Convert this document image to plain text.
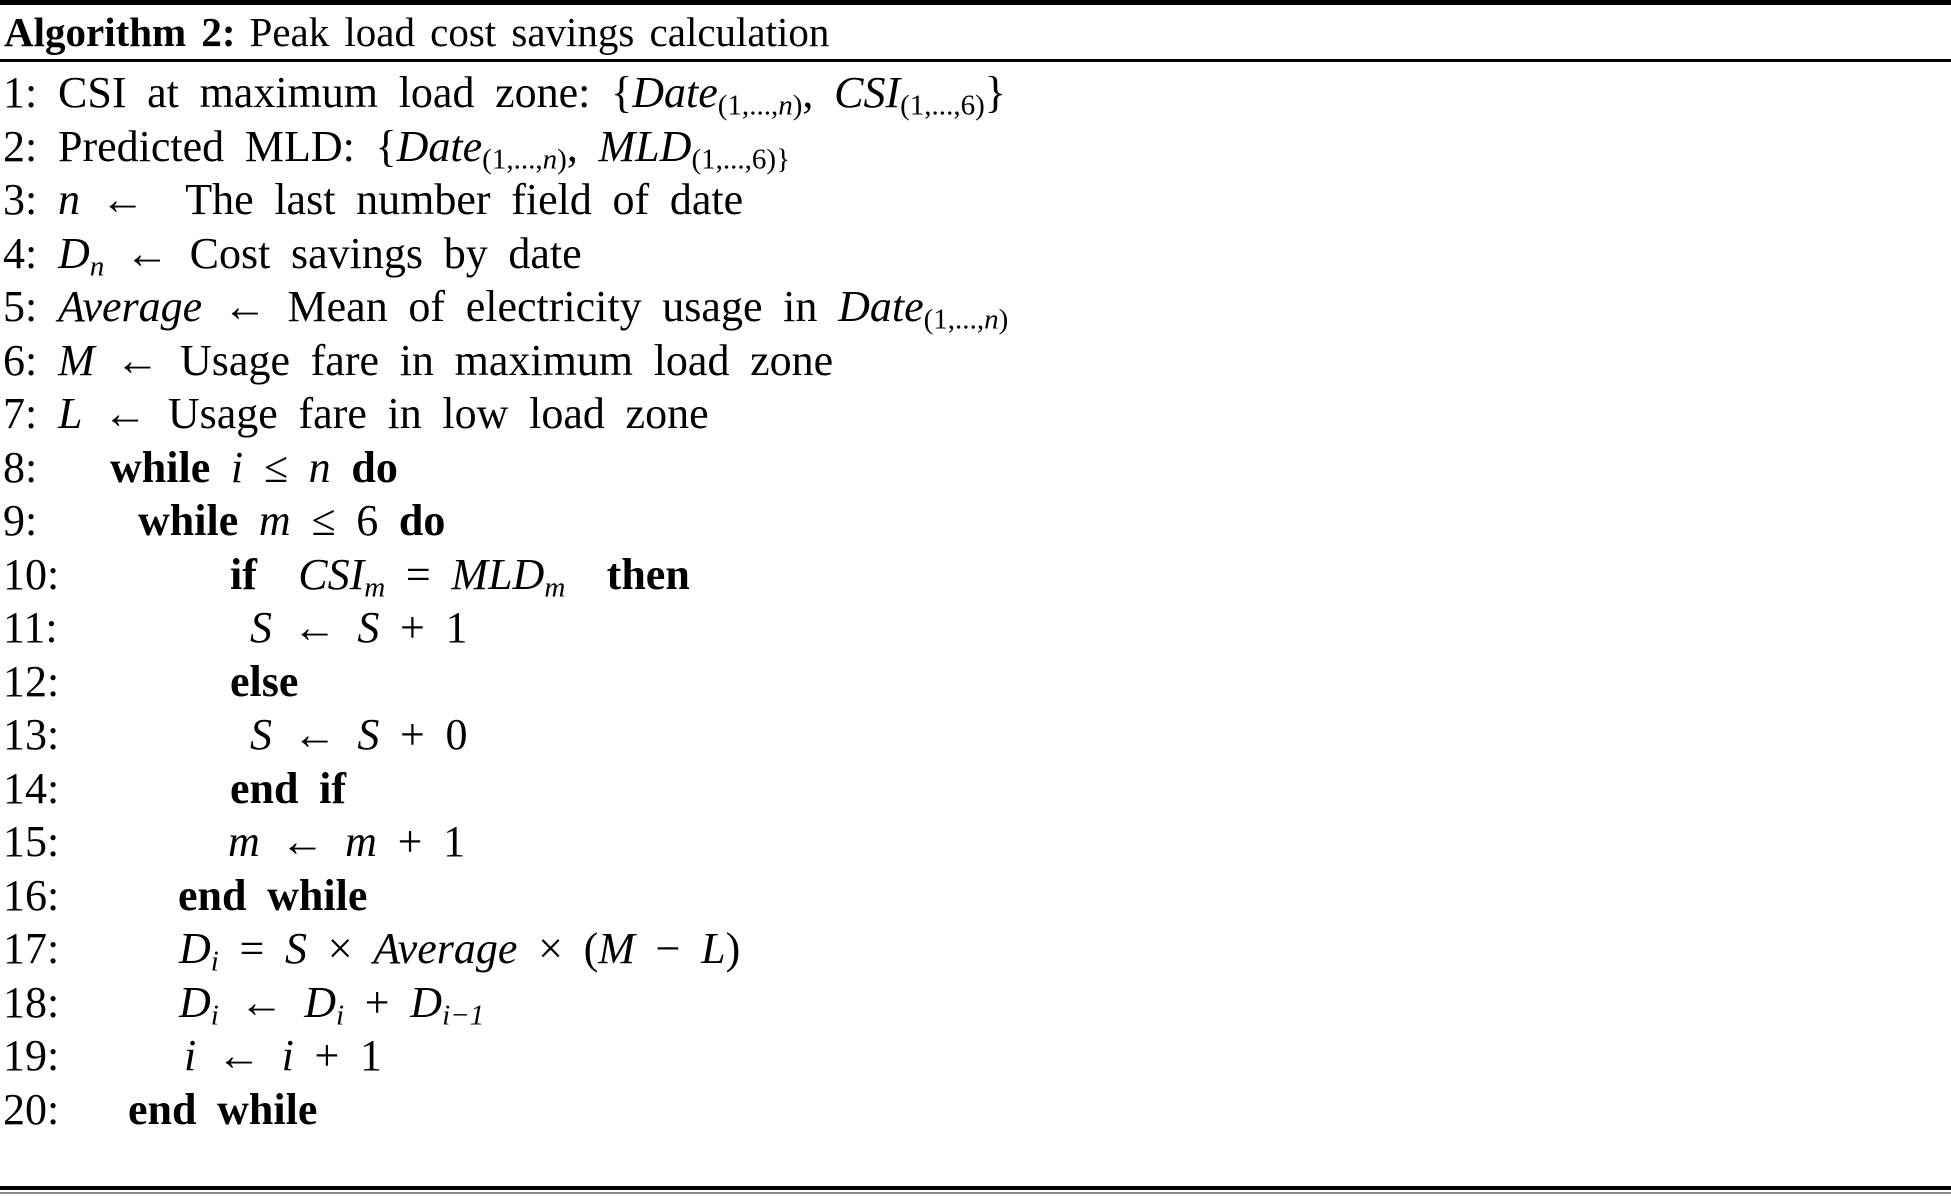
Algorithm 2: Peak load cost savings calculation
1: CSI at maximum load zone: {Date(1,...,n), CSI(1,...,6)}
2: Predicted MLD: {Date(1,...,n), MLD(1,...,6)}
3: n ←  The last number field of date
4: Dn ← Cost savings by date
5: Average ← Mean of electricity usage in Date(1,...,n)
6: M ← Usage fare in maximum load zone
7: L ← Usage fare in low load zone
8: while i ≤ n do
9: while m ≤ 6 do
10:	if CSIm = MLDm then
11:	S ← S + 1
12:	else
13:	S ← S + 0
14:	end if
15:	m ← m + 1
16:	end while
17:	Di = S × Average × (M − L)
18:	Di ← Di + Di−1
19:	i ← i + 1
20: end while
